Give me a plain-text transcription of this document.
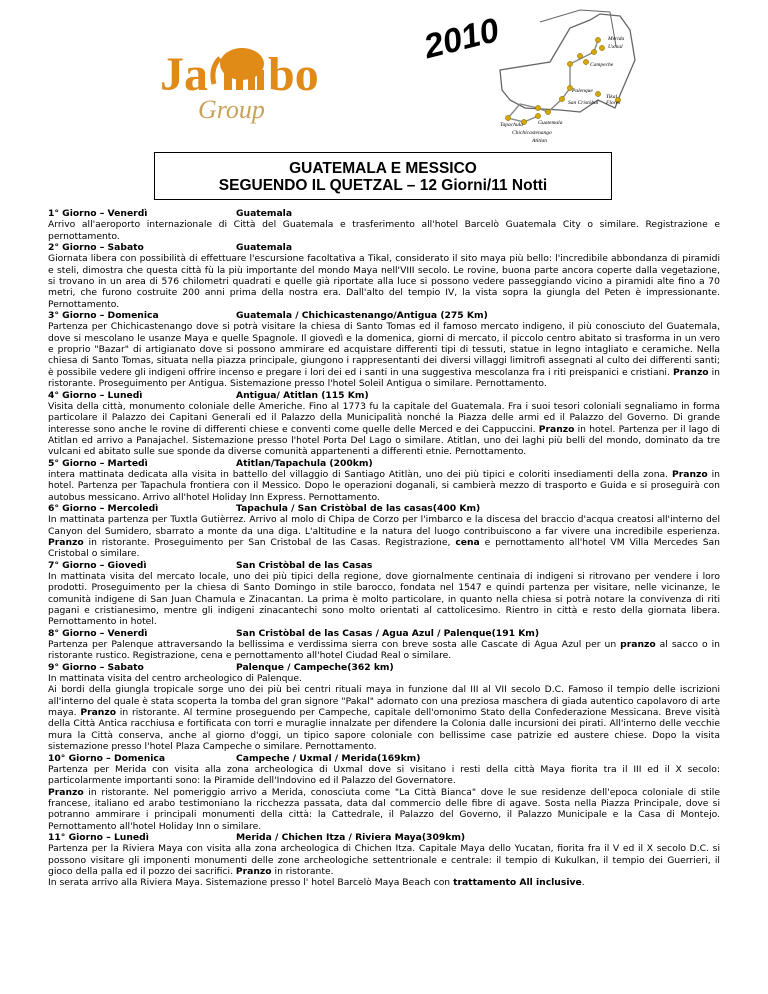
Ja bo
Group
2010	Merida
Uxmal
Campeche
Palenque
Tikal
Flores
San Cristòbal
Tapachula	Guatemala
Chichicastenango
Atitlan
GUATEMALA E MESSICO
SEGUENDO IL QUETZAL – 12 Giorni/11 Notti
1° Giorno – Venerdì	Guatemala

Arrivo all'aeroporto internazionale di Città del Guatemala e trasferimento all'hotel Barcelò Guatemala City o similare. Registrazione e pernottamento.

2° Giorno – Sabato	Guatemala

Giornata libera con possibilità di effettuare l'escursione facoltativa a Tikal, considerato il sito maya più bello: l'incredibile abbondanza di piramidi e steli, dimostra che questa città fù la più importante del mondo Maya nell'VIII secolo. Le rovine, buona parte ancora coperte dalla vegetazione, si trovano in un area di 576 chilometri quadrati e quelle già riportate alla luce si possono vedere passeggiando vicino a piramidi alte fino a 70 metri, che furono costruite 200 anni prima della nostra era. Dall'alto del tempio IV, la vista sopra la giungla del Peten è impressionante. Pernottamento.

3° Giorno – Domenica	Guatemala / Chichicastenango/Antigua (275 Km)

Partenza per Chichicastenango dove si potrà visitare la chiesa di Santo Tomas ed il famoso mercato indigeno, il più conosciuto del Guatemala, dove si mescolano le usanze Maya e quelle Spagnole. Il giovedì e la domenica, giorni di mercato, il piccolo centro abitato si trasforma in un vero e proprio "Bazar" di artigianato dove si possono ammirare ed acquistare differenti tipi di tessuti, statue in legno intagliato e ceramiche. Nella chiesa di Santo Tomas, situata nella piazza principale, giungono i rappresentanti dei diversi villaggi limitrofi assegnati al culto dei differenti santi; è possibile vedere gli indigeni offrire incenso e pregare i lori dei ed i santi in una suggestiva mescolanza fra i riti preispanici e cristiani. Pranzo in ristorante. Proseguimento per Antigua. Sistemazione presso l'hotel Soleil Antigua o similare. Pernottamento.

4° Giorno – Lunedì	Antigua/ Atitlan (115 Km)

Visita della città, monumento coloniale delle Americhe. Fino al 1773 fu la capitale del Guatemala. Fra i suoi tesori coloniali segnaliamo in forma particolare il Palazzo dei Capitani Generali ed il Palazzo della Municipalità nonché la Piazza delle armi ed il Palazzo del Governo. Di grande interesse sono anche le rovine di differenti chiese e conventi come quelle delle Merced e dei Cappuccini. Pranzo in hotel. Partenza per il lago di Atitlan ed arrivo a Panajachel. Sistemazione presso l'hotel Porta Del Lago o similare. Atitlan, uno dei laghi più belli del mondo, dominato da tre vulcani ed abitato sulle sue sponde da diverse comunità appartenenti a differenti etnie. Pernottamento.

5° Giorno – Martedì	Atitlan/Tapachula (200km)

intera mattinata dedicata alla visita in battello del villaggio di Santiago Atitlàn, uno dei più tipici e coloriti insediamenti della zona. Pranzo in hotel. Partenza per Tapachula frontiera con il Messico. Dopo le operazioni doganali, si cambierà mezzo di trasporto e Guida e si proseguirà con autobus messicano. Arrivo all'hotel Holiday Inn Express. Pernottamento.

6° Giorno – Mercoledì	Tapachula / San Cristòbal de las casas(400 Km)

In mattinata partenza per Tuxtla Gutièrrez. Arrivo al molo di Chipa de Corzo per l'imbarco e la discesa del braccio d'acqua creatosi all'interno del Canyon del Sumidero, sbarrato a monte da una diga. L'altitudine e la natura del luogo contribuiscono a far vivere una incredibile esperienza. Pranzo in ristorante. Proseguimento per San Cristobal de las Casas. Registrazione, cena e pernottamento all'hotel VM Villa Mercedes San Cristobal o similare.

7° Giorno – Giovedì	San Cristòbal de las Casas

In mattinata visita del mercato locale, uno dei più tipici della regione, dove giornalmente centinaia di indigeni si ritrovano per vendere i loro prodotti. Proseguimento per la chiesa di Santo Domingo in stile barocco, fondata nel 1547 e quindi partenza per visitare, nelle vicinanze, le comunità indigene di San Juan Chamula e Zinacantan. La prima è molto particolare, in quanto nella chiesa si potrà notare la convivenza di riti pagani e cristianesimo, mentre gli indigeni zinacantechi sono molto orientati al cattolicesimo. Rientro in città e resto della giornata libera. Pernottamento in hotel.

8° Giorno – Venerdì	San Cristòbal de las Casas / Agua Azul / Palenque(191 Km)

Partenza per Palenque attraversando la bellissima e verdissima sierra con breve sosta alle Cascate di Agua Azul per un pranzo al sacco o in ristorante rustico. Registrazione, cena e pernottamento all'hotel Ciudad Real o similare.

9° Giorno – Sabato	Palenque / Campeche(362 km)

In mattinata visita del centro archeologico di Palenque.

Ai bordi della giungla tropicale sorge uno dei più bei centri rituali maya in funzione dal III al VII secolo D.C. Famoso il tempio delle iscrizioni all'interno del quale è stata scoperta la tomba del gran signore "Pakal" adornato con una preziosa maschera di giada autentico capolavoro di arte maya. Pranzo in ristorante. Al termine proseguendo per Campeche, capitale dell'omonimo Stato della Confederazione Messicana. Breve visità della Città Antica racchiusa e fortificata con torri e muraglie innalzate per difendere la Colonia dalle incursioni dei pirati. All'interno delle vecchie mura la Città conserva, anche al giorno d'oggi, un tipico sapore coloniale con bellissime case patrizie ed austere chiese. Dopo la visita sistemazione presso l'hotel Plaza Campeche o similare. Pernottamento.

10° Giorno – Domenica	Campeche / Uxmal / Merida(169km)

Partenza per Merida con visita alla zona archeologica di Uxmal dove si visitano i resti della città Maya fiorita tra il III ed il X secolo: particolarmente importanti sono: la Piramide dell'Indovino ed il Palazzo del Governatore.

Pranzo in ristorante. Nel pomeriggio arrivo a Merida, conosciuta come "La Città Bianca" dove le sue residenze dell'epoca coloniale di stile francese, italiano ed arabo testimoniano la ricchezza passata, data dal commercio delle fibre di agave. Sosta nella Piazza Principale, dove si potranno ammirare i principali monumenti della città: la Cattedrale, il Palazzo del Governo, il Palazzo Municipale e la Casa di Montejo. Pernottamento all'hotel Holiday Inn o similare.

11° Giorno – Lunedì	Merida / Chichen Itza / Riviera Maya(309km)

Partenza per la Riviera Maya con visita alla zona archeologica di Chichen Itza. Capitale Maya dello Yucatan, fiorita fra il V ed il X secolo D.C. si possono visitare gli imponenti monumenti delle zone archeologiche settentrionale e centrale: il tempio di Kukulkan, il tempio dei Guerrieri, il gioco della palla ed il pozzo dei sacrifici. Pranzo in ristorante.

In serata arrivo alla Riviera Maya. Sistemazione presso l' hotel Barcelò Maya Beach con trattamento All inclusive.
